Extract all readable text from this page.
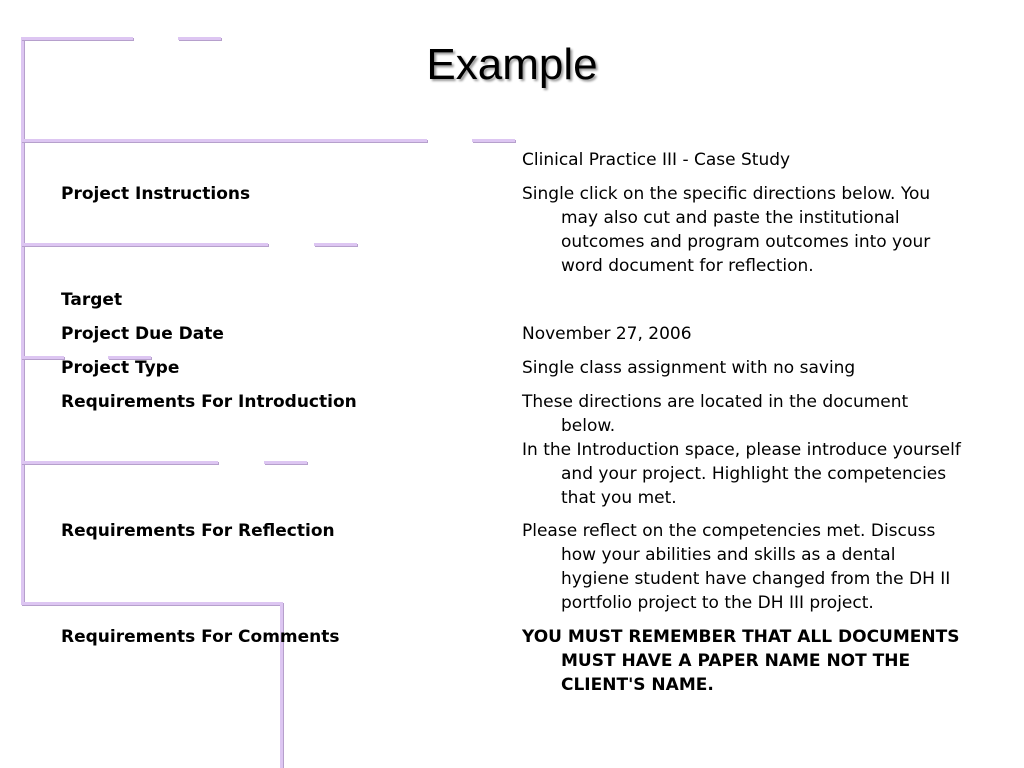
Example

Clinical Practice III - Case Study

Project Instructions	Single click on the specific directions below. You may also cut and paste the institutional outcomes and program outcomes into your word document for reflection.

Target
Project Due Date	November 27, 2006

Project Type	Single class assignment with no saving

Requirements For Introduction	These directions are located in the document below.

In the Introduction space, please introduce yourself and your project. Highlight the competencies that you met.

Requirements For Reflection	Please reflect on the competencies met. Discuss how your abilities and skills as a dental hygiene student have changed from the DH II portfolio project to the DH III project.

Requirements For Comments	YOU MUST REMEMBER THAT ALL DOCUMENTS MUST HAVE A PAPER NAME NOT THE CLIENT'S NAME.
